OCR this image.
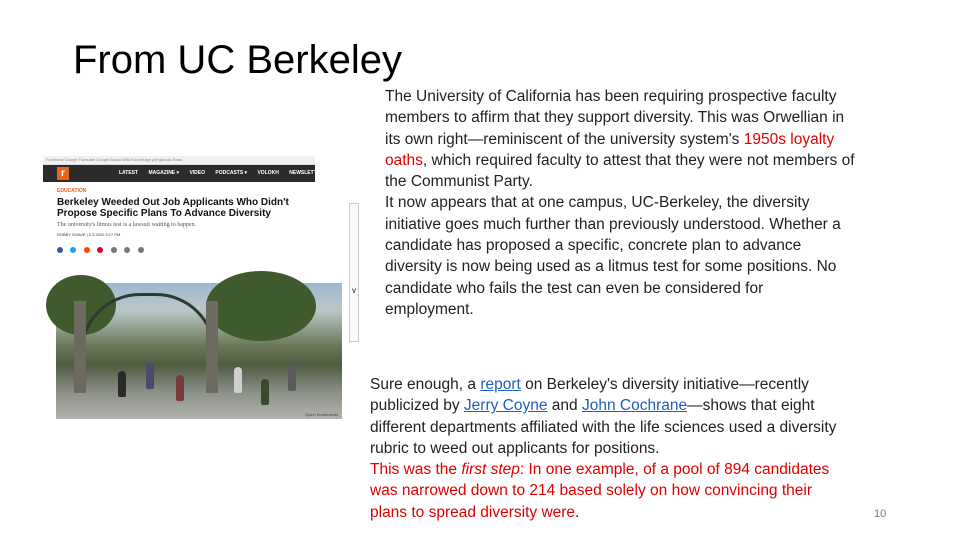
From UC Berkeley

The University of California has been requiring prospective faculty members to affirm that they support diversity. This was Orwellian in its own right—reminiscent of the university system's 1950s loyalty oaths, which required faculty to attest that they were not members of the Communist Party.

It now appears that at one campus, UC-Berkeley, the diversity initiative goes much further than previously understood. Whether a candidate has proposed a specific, concrete plan to advance diversity is now being used as a litmus test for some positions. No candidate who fails the test can even be considered for employment.

Facebook Google Translate Google Books Wiki Knowledge pdf gbooks Reas
r	LATEST MAGAZINE ▾ VIDEO PODCASTS ▾ VOLOKH NEWSLETTERS DONAT
EDUCATION
Berkeley Weeded Out Job Applicants Who Didn't Propose Specific Plans To Advance Diversity
The university's litmus test is a lawsuit waiting to happen.
ROBBY SOAVE | 2.3.2020 3:17 PM

V
Quinn Bordenwald

Sure enough, a report on Berkeley's diversity initiative—recently publicized by Jerry Coyne and John Cochrane—shows that eight different departments affiliated with the life sciences used a diversity rubric to weed out applicants for positions.

This was the first step: In one example, of a pool of 894 candidates was narrowed down to 214 based solely on how convincing their plans to spread diversity were.	10
